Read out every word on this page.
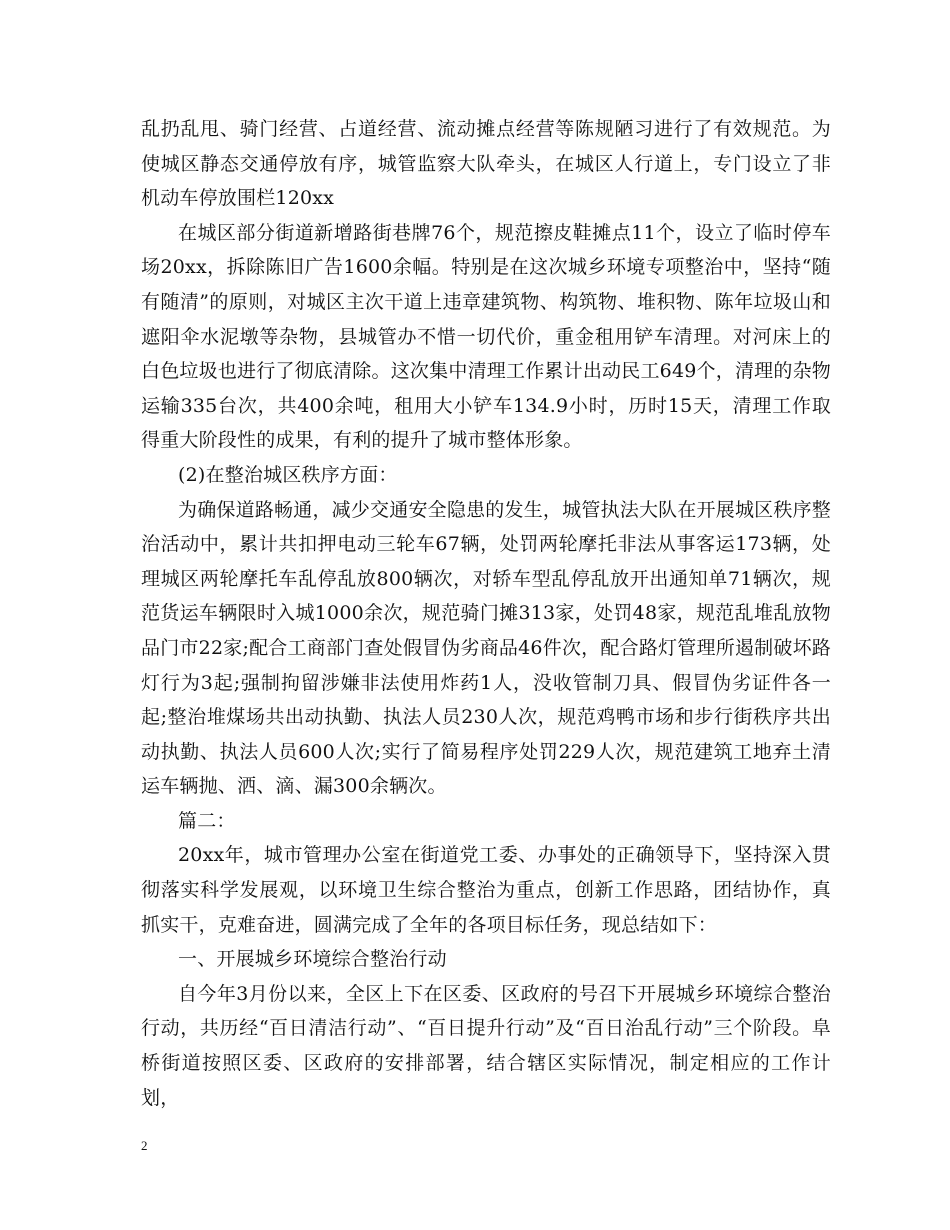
乱扔乱甩、骑门经营、占道经营、流动摊点经营等陈规陋习进行了有效规范。为使城区静态交通停放有序，城管监察大队牵头，在城区人行道上，专门设立了非机动车停放围栏120xx

在城区部分街道新增路街巷牌76个，规范擦皮鞋摊点11个，设立了临时停车场20xx，拆除陈旧广告1600余幅。特别是在这次城乡环境专项整治中，坚持“随有随清”的原则，对城区主次干道上违章建筑物、构筑物、堆积物、陈年垃圾山和遮阳伞水泥墩等杂物，县城管办不惜一切代价，重金租用铲车清理。对河床上的白色垃圾也进行了彻底清除。这次集中清理工作累计出动民工649个，清理的杂物运输335台次，共400余吨，租用大小铲车134.9小时，历时15天，清理工作取得重大阶段性的成果，有利的提升了城市整体形象。

(2)在整治城区秩序方面：

为确保道路畅通，减少交通安全隐患的发生，城管执法大队在开展城区秩序整治活动中，累计共扣押电动三轮车67辆，处罚两轮摩托非法从事客运173辆，处理城区两轮摩托车乱停乱放800辆次，对轿车型乱停乱放开出通知单71辆次，规范货运车辆限时入城1000余次，规范骑门摊313家，处罚48家，规范乱堆乱放物品门市22家;配合工商部门查处假冒伪劣商品46件次，配合路灯管理所遏制破坏路灯行为3起;强制拘留涉嫌非法使用炸药1人，没收管制刀具、假冒伪劣证件各一起;整治堆煤场共出动执勤、执法人员230人次，规范鸡鸭市场和步行街秩序共出动执勤、执法人员600人次;实行了简易程序处罚229人次，规范建筑工地弃土清运车辆抛、洒、滴、漏300余辆次。

篇二：

20xx年，城市管理办公室在街道党工委、办事处的正确领导下，坚持深入贯彻落实科学发展观，以环境卫生综合整治为重点，创新工作思路，团结协作，真抓实干，克难奋进，圆满完成了全年的各项目标任务，现总结如下：

一、开展城乡环境综合整治行动

自今年3月份以来，全区上下在区委、区政府的号召下开展城乡环境综合整治行动，共历经“百日清洁行动”、“百日提升行动”及“百日治乱行动”三个阶段。阜桥街道按照区委、区政府的安排部署，结合辖区实际情况，制定相应的工作计划，

2
